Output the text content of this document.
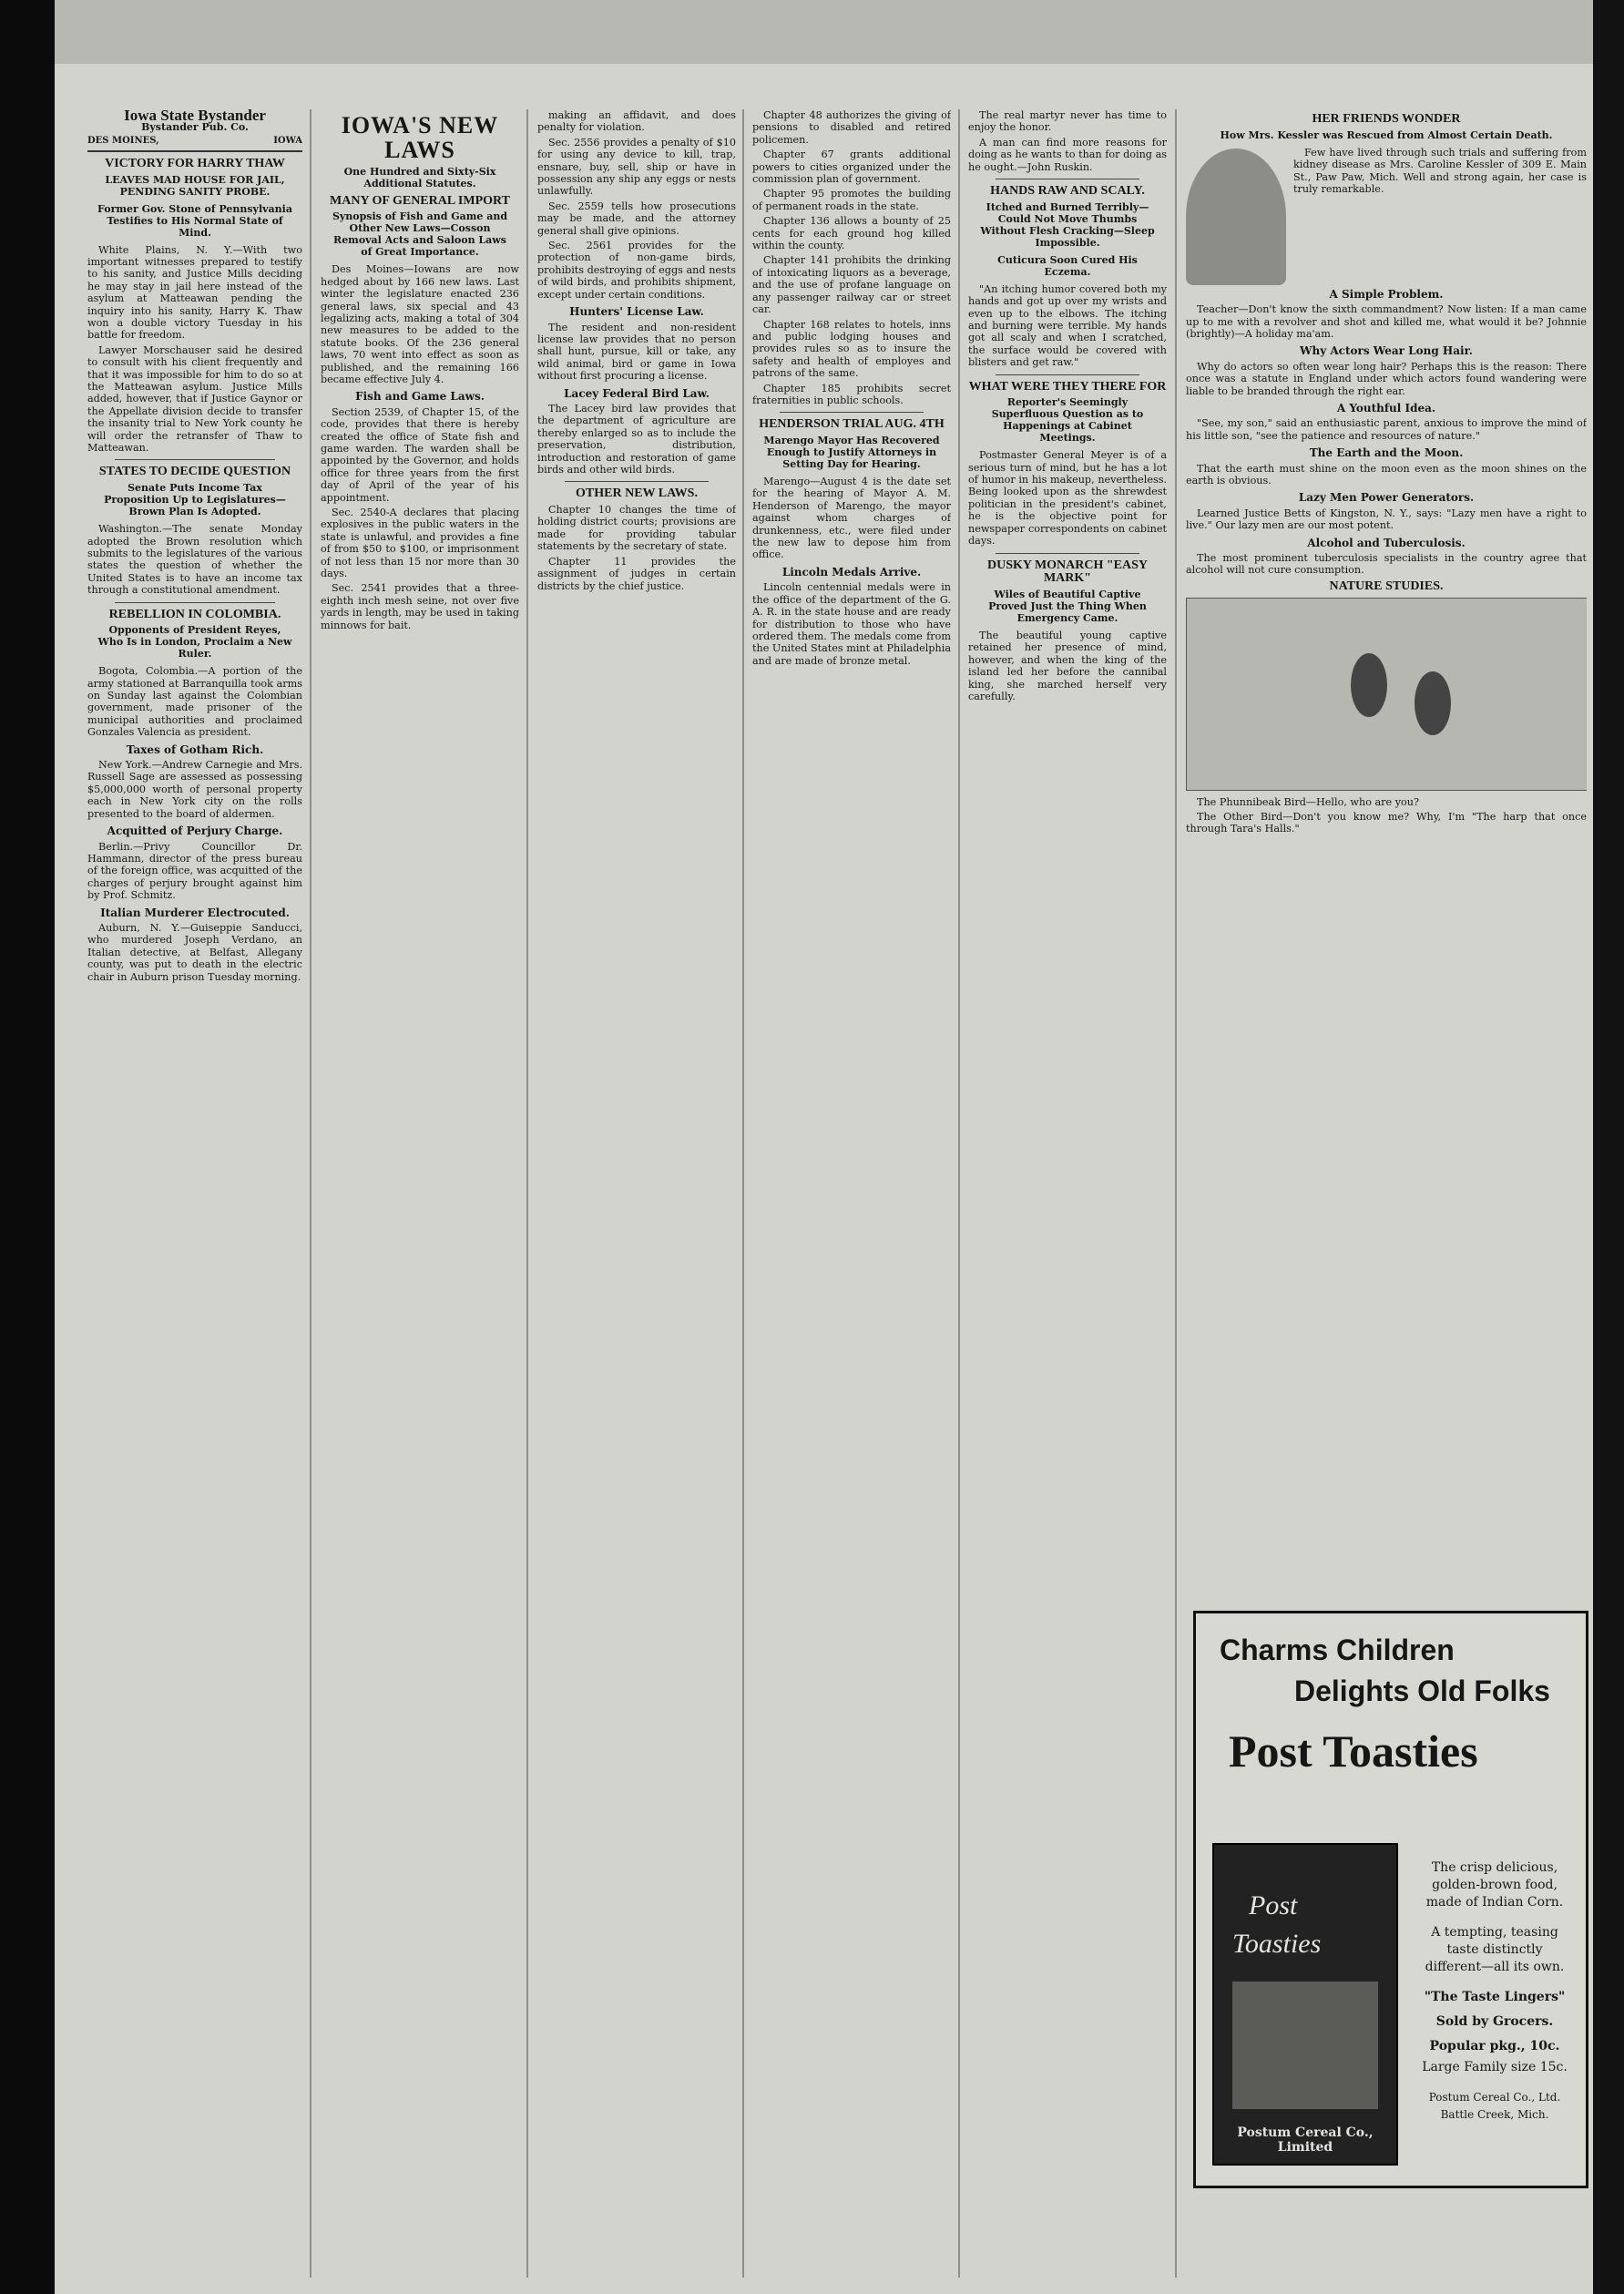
Iowa State Bystander
Bystander Pub. Co.
DES MOINES,	IOWA
VICTORY FOR HARRY THAW
LEAVES MAD HOUSE FOR JAIL, PENDING SANITY PROBE.
Former Gov. Stone of Pennsylvania Testifies to His Normal State of Mind.

White Plains, N. Y.—With two important witnesses prepared to testify to his sanity, and Justice Mills deciding he may stay in jail here instead of the asylum at Matteawan pending the inquiry into his sanity, Harry K. Thaw won a double victory Tuesday in his battle for freedom.

Lawyer Morschauser said he desired to consult with his client frequently and that it was impossible for him to do so at the Matteawan asylum. Justice Mills added, however, that if Justice Gaynor or the Appellate division decide to transfer the insanity trial to New York county he will order the retransfer of Thaw to Matteawan.

STATES TO DECIDE QUESTION
Senate Puts Income Tax Proposition Up to Legislatures—Brown Plan Is Adopted.

Washington.—The senate Monday adopted the Brown resolution which submits to the legislatures of the various states the question of whether the United States is to have an income tax through a constitutional amendment.

REBELLION IN COLOMBIA.
Opponents of President Reyes, Who Is in London, Proclaim a New Ruler.

Bogota, Colombia.—A portion of the army stationed at Barranquilla took arms on Sunday last against the Colombian government, made prisoner of the municipal authorities and proclaimed Gonzales Valencia as president.

Taxes of Gotham Rich.

New York.—Andrew Carnegie and Mrs. Russell Sage are assessed as possessing $5,000,000 worth of personal property each in New York city on the rolls presented to the board of aldermen.

Acquitted of Perjury Charge.

Berlin.—Privy Councillor Dr. Hammann, director of the press bureau of the foreign office, was acquitted of the charges of perjury brought against him by Prof. Schmitz.

Italian Murderer Electrocuted.

Auburn, N. Y.—Guiseppie Sanducci, who murdered Joseph Verdano, an Italian detective, at Belfast, Allegany county, was put to death in the electric chair in Auburn prison Tuesday morning.

IOWA'S NEW LAWS
One Hundred and Sixty-Six Additional Statutes.
MANY OF GENERAL IMPORT
Synopsis of Fish and Game and Other New Laws—Cosson Removal Acts and Saloon Laws of Great Importance.

Des Moines—Iowans are now hedged about by 166 new laws. Last winter the legislature enacted 236 general laws, six special and 43 legalizing acts, making a total of 304 new measures to be added to the statute books. Of the 236 general laws, 70 went into effect as soon as published, and the remaining 166 became effective July 4.

Fish and Game Laws.

Section 2539, of Chapter 15, of the code, provides that there is hereby created the office of State fish and game warden. The warden shall be appointed by the Governor, and holds office for three years from the first day of April of the year of his appointment.

Sec. 2540-A declares that placing explosives in the public waters in the state is unlawful, and provides a fine of from $50 to $100, or imprisonment of not less than 15 nor more than 30 days.

Sec. 2541 provides that a three-eighth inch mesh seine, not over five yards in length, may be used in taking minnows for bait.

making an affidavit, and does penalty for violation.

Sec. 2556 provides a penalty of $10 for using any device to kill, trap, ensnare, buy, sell, ship or have in possession any ship any eggs or nests unlawfully.

Sec. 2559 tells how prosecutions may be made, and the attorney general shall give opinions.

Sec. 2561 provides for the protection of non-game birds, prohibits destroying of eggs and nests of wild birds, and prohibits shipment, except under certain conditions.

Hunters' License Law.

The resident and non-resident license law provides that no person shall hunt, pursue, kill or take, any wild animal, bird or game in Iowa without first procuring a license.

Lacey Federal Bird Law.

The Lacey bird law provides that the department of agriculture are thereby enlarged so as to include the preservation, distribution, introduction and restoration of game birds and other wild birds.

OTHER NEW LAWS.

Chapter 10 changes the time of holding district courts; provisions are made for providing tabular statements by the secretary of state.

Chapter 11 provides the assignment of judges in certain districts by the chief justice.

Chapter 48 authorizes the giving of pensions to disabled and retired policemen.

Chapter 67 grants additional powers to cities organized under the commission plan of government.

Chapter 95 promotes the building of permanent roads in the state.

Chapter 136 allows a bounty of 25 cents for each ground hog killed within the county.

Chapter 141 prohibits the drinking of intoxicating liquors as a beverage, and the use of profane language on any passenger railway car or street car.

Chapter 168 relates to hotels, inns and public lodging houses and provides rules so as to insure the safety and health of employes and patrons of the same.

Chapter 185 prohibits secret fraternities in public schools.

HENDERSON TRIAL AUG. 4TH
Marengo Mayor Has Recovered Enough to Justify Attorneys in Setting Day for Hearing.

Marengo—August 4 is the date set for the hearing of Mayor A. M. Henderson of Marengo, the mayor against whom charges of drunkenness, etc., were filed under the new law to depose him from office.

Lincoln Medals Arrive.

Lincoln centennial medals were in the office of the department of the G. A. R. in the state house and are ready for distribution to those who have ordered them. The medals come from the United States mint at Philadelphia and are made of bronze metal.

The real martyr never has time to enjoy the honor.

A man can find more reasons for doing as he wants to than for doing as he ought.—John Ruskin.

HANDS RAW AND SCALY.
Itched and Burned Terribly—Could Not Move Thumbs Without Flesh Cracking—Sleep Impossible.
Cuticura Soon Cured His Eczema.

"An itching humor covered both my hands and got up over my wrists and even up to the elbows. The itching and burning were terrible. My hands got all scaly and when I scratched, the surface would be covered with blisters and get raw."

WHAT WERE THEY THERE FOR
Reporter's Seemingly Superfluous Question as to Happenings at Cabinet Meetings.

Postmaster General Meyer is of a serious turn of mind, but he has a lot of humor in his makeup, nevertheless. Being looked upon as the shrewdest politician in the president's cabinet, he is the objective point for newspaper correspondents on cabinet days.

DUSKY MONARCH "EASY MARK"
Wiles of Beautiful Captive Proved Just the Thing When Emergency Came.

The beautiful young captive retained her presence of mind, however, and when the king of the island led her before the cannibal king, she marched herself very carefully.

HER FRIENDS WONDER
How Mrs. Kessler was Rescued from Almost Certain Death.

Few have lived through such trials and suffering from kidney disease as Mrs. Caroline Kessler of 309 E. Main St., Paw Paw, Mich. Well and strong again, her case is truly remarkable.

A Simple Problem.

Teacher—Don't know the sixth commandment? Now listen: If a man came up to me with a revolver and shot and killed me, what would it be? Johnnie (brightly)—A holiday ma'am.

Why Actors Wear Long Hair.

Why do actors so often wear long hair? Perhaps this is the reason: There once was a statute in England under which actors found wandering were liable to be branded through the right ear.

A Youthful Idea.

"See, my son," said an enthusiastic parent, anxious to improve the mind of his little son, "see the patience and resources of nature."

The Earth and the Moon.

That the earth must shine on the moon even as the moon shines on the earth is obvious.

Lazy Men Power Generators.

Learned Justice Betts of Kingston, N. Y., says: "Lazy men have a right to live." Our lazy men are our most potent.

Alcohol and Tuberculosis.

The most prominent tuberculosis specialists in the country agree that alcohol will not cure consumption.

NATURE STUDIES.

The Phunnibeak Bird—Hello, who are you?

The Other Bird—Don't you know me? Why, I'm "The harp that once through Tara's Halls."

Charms Children
Delights Old Folks
Post Toasties
Post
Toasties
Postum Cereal Co., Limited
The crisp delicious, golden-brown food, made of Indian Corn.
A tempting, teasing taste distinctly different—all its own.
"The Taste Lingers"
Sold by Grocers.
Popular pkg., 10c.
Large Family size 15c.
Postum Cereal Co., Ltd. Battle Creek, Mich.
